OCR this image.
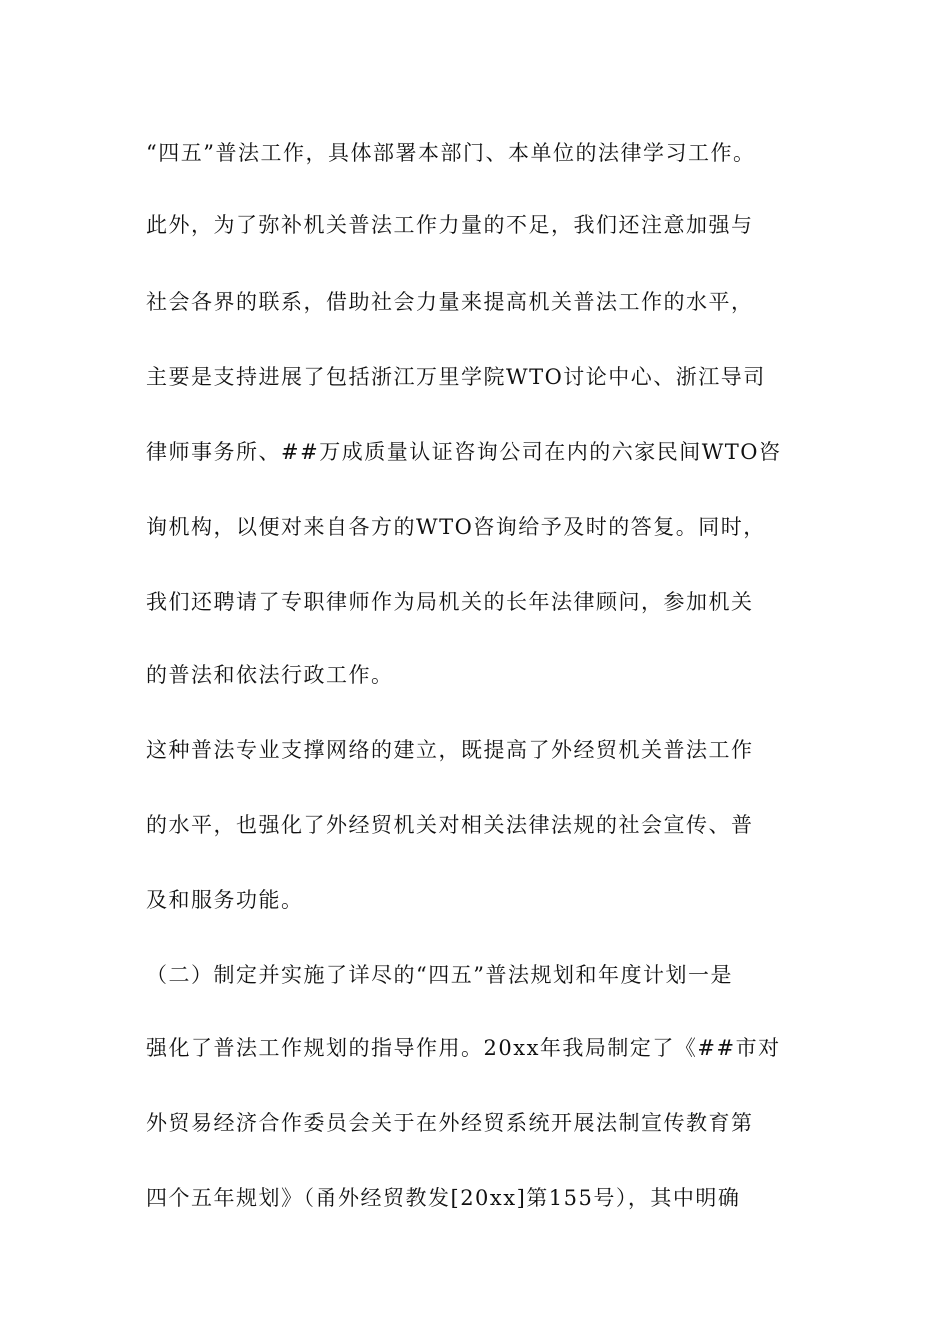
“四五”普法工作，具体部署本部门、本单位的法律学习工作。
此外，为了弥补机关普法工作力量的不足，我们还注意加强与
社会各界的联系，借助社会力量来提高机关普法工作的水平，
主要是支持进展了包括浙江万里学院WTO讨论中心、浙江导司
律师事务所、##万成质量认证咨询公司在内的六家民间WTO咨
询机构，以便对来自各方的WTO咨询给予及时的答复。同时，
我们还聘请了专职律师作为局机关的长年法律顾问，参加机关
的普法和依法行政工作。
这种普法专业支撑网络的建立，既提高了外经贸机关普法工作
的水平，也强化了外经贸机关对相关法律法规的社会宣传、普
及和服务功能。
（二）制定并实施了详尽的“四五”普法规划和年度计划一是
强化了普法工作规划的指导作用。20xx年我局制定了《##市对
外贸易经济合作委员会关于在外经贸系统开展法制宣传教育第
四个五年规划》（甬外经贸教发[20xx]第155号），其中明确
